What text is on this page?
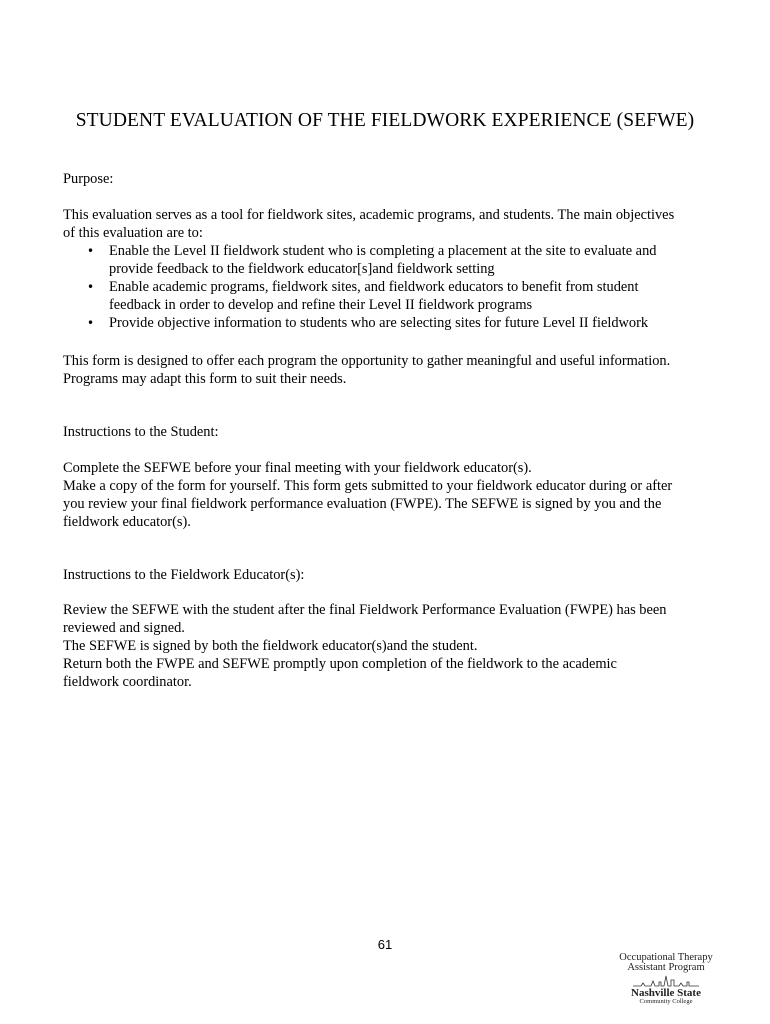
STUDENT EVALUATION OF THE FIELDWORK EXPERIENCE (SEFWE)

Purpose:

This evaluation serves as a tool for fieldwork sites, academic programs, and students. The main objectives

of this evaluation are to:

• Enable the Level II fieldwork student who is completing a placement at the site to evaluate and
provide feedback to the fieldwork educator[s]and fieldwork setting
• Enable academic programs, fieldwork sites, and fieldwork educators to benefit from student
feedback in order to develop and refine their Level II fieldwork programs
• Provide objective information to students who are selecting sites for future Level II fieldwork

This form is designed to offer each program the opportunity to gather meaningful and useful information.

Programs may adapt this form to suit their needs.

Instructions to the Student:

Complete the SEFWE before your final meeting with your fieldwork educator(s).

Make a copy of the form for yourself. This form gets submitted to your fieldwork educator during or after

you review your final fieldwork performance evaluation (FWPE). The SEFWE is signed by you and the

fieldwork educator(s).

Instructions to the Fieldwork Educator(s):

Review the SEFWE with the student after the final Fieldwork Performance Evaluation (FWPE) has been

reviewed and signed.

The SEFWE is signed by both the fieldwork educator(s)and the student.

Return both the FWPE and SEFWE promptly upon completion of the fieldwork to the academic

fieldwork coordinator.

61
Occupational Therapy
Assistant Program
Nashville State
Community College
